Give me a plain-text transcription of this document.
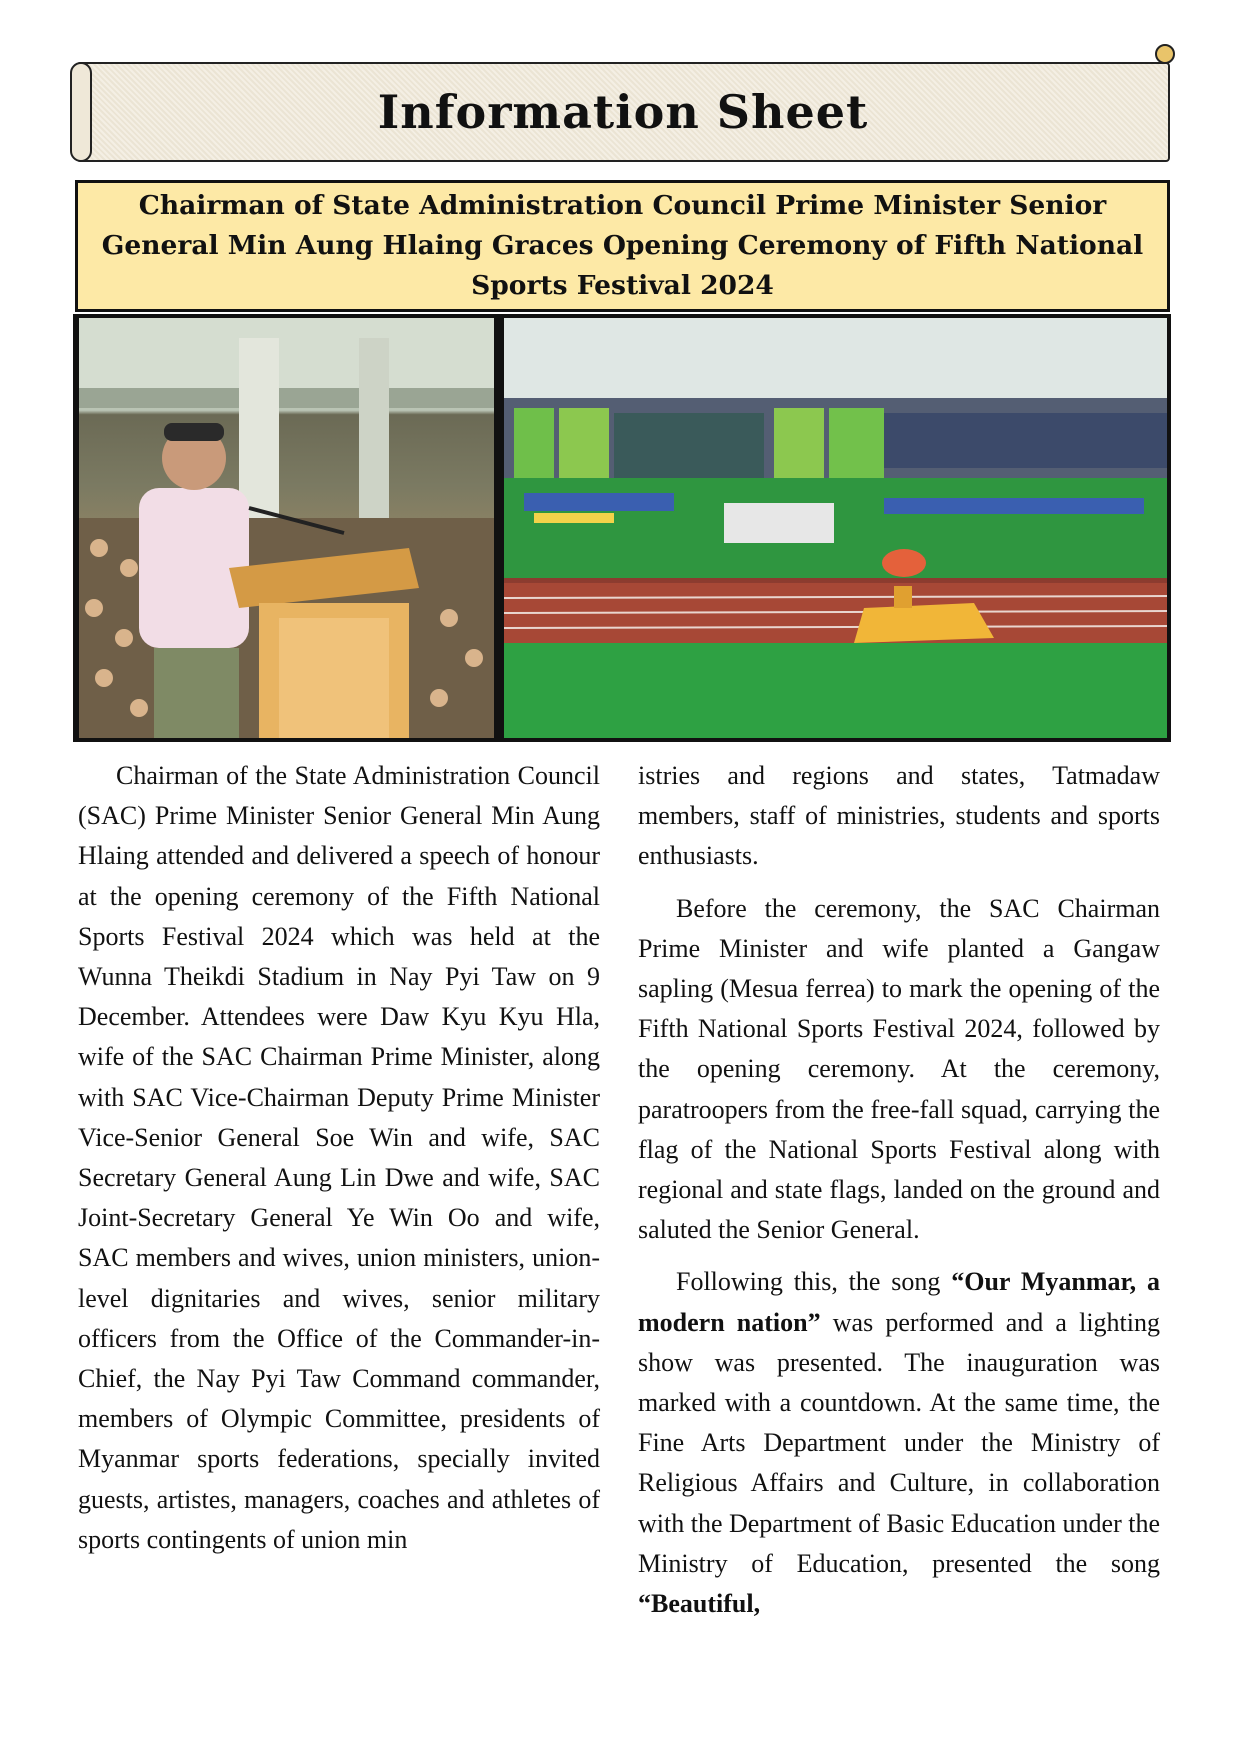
Information Sheet
Chairman of State Administration Council Prime Minister Senior General Min Aung Hlaing Graces Opening Ceremony of Fifth National Sports Festival 2024

Chairman of the State Administration Council (SAC) Prime Minister Senior General Min Aung Hlaing attended and delivered a speech of honour at the opening ceremony of the Fifth National Sports Festival 2024 which was held at the Wunna Theikdi Stadium in Nay Pyi Taw on 9 December. Attendees were Daw Kyu Kyu Hla, wife of the SAC Chairman Prime Minister, along with SAC Vice-Chairman Deputy Prime Minister Vice-Senior General Soe Win and wife, SAC Secretary General Aung Lin Dwe and wife, SAC Joint-Secretary General Ye Win Oo and wife, SAC members and wives, union ministers, union-level dignitaries and wives, senior military officers from the Office of the Commander-in-Chief, the Nay Pyi Taw Command commander, members of Olympic Committee, presidents of Myanmar sports federations, specially invited guests, artistes, managers, coaches and athletes of sports contingents of union min

istries and regions and states, Tatmadaw members, staff of ministries, students and sports enthusiasts.

Before the ceremony, the SAC Chairman Prime Minister and wife planted a Gangaw sapling (Mesua ferrea) to mark the opening of the Fifth National Sports Festival 2024, followed by the opening ceremony. At the ceremony, paratroopers from the free-fall squad, carrying the flag of the National Sports Festival along with regional and state flags, landed on the ground and saluted the Senior General.

Following this, the song “Our Myanmar, a modern nation” was performed and a lighting show was presented. The inauguration was marked with a countdown. At the same time, the Fine Arts Department under the Ministry of Religious Affairs and Culture, in collaboration with the Department of Basic Education under the Ministry of Education, presented the song “Beautiful,
